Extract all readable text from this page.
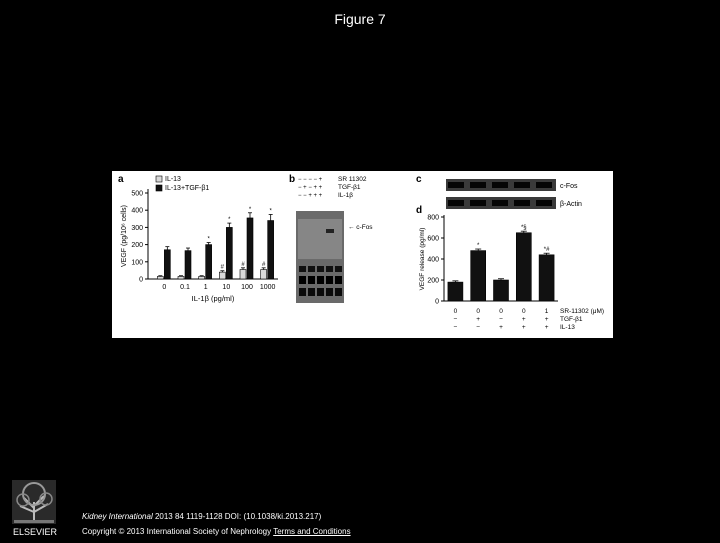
Figure 7
a	b	c
d
0
100
200
300
400
500
VEGF (pg/10⁶ cells)
0 0.1
*
1
#
*
10
#
*
100
#
*
1000
IL-1β (pg/ml)
IL-13
IL-13+TGF-β1
− − − − + SR 11302
− + − + + TGF-β1
− − + + + IL-1β
← c-Fos
c-Fos
β-Actin
0
200
400
600
800
VEGF release (pg/ml)	*
*§
*#
0	0	0	0	1 SR-11302 (μM)
−	+	−	+	+ TGF-β1
−	−	+	+	+ IL-13
ELSEVIER
Kidney International 2013 84 1119-1128 DOI: (10.1038/ki.2013.217)
Copyright © 2013 International Society of Nephrology Terms and Conditions
